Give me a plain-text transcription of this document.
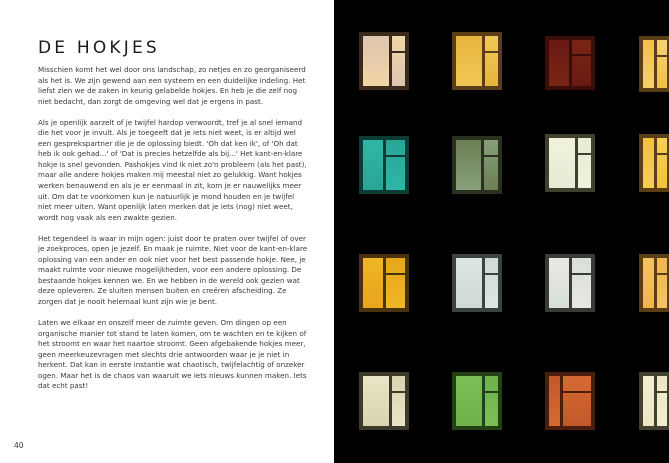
DE HOKJES

Misschien komt het wel door ons landschap, zo netjes en zo georganiseerd als het is. We zijn gewend aan een systeem en een duidelijke indeling. Het liefst zien we de zaken in keurig gelabelde hokjes. En heb je die zelf nog niet bedacht, dan zorgt de omgeving wel dat je ergens in past.

Als je openlijk aarzelt of je twijfel hardop verwoordt, tref je al snel iemand die het voor je invult. Als je toegeeft dat je iets niet weet, is er altijd wel een gesprekspartner die je de oplossing biedt. 'Oh dat ken ik', of 'Oh dat heb ik ook gehad...' of 'Dat is precies hetzelfde als bij...' Het kant-en-klare hokje is snel gevonden. Pashokjes vind ik niet zo'n probleem (als het past), maar alle andere hokjes maken mij meestal niet zo gelukkig. Want hokjes werken benauwend en als je er eenmaal in zit, kom je er nauwelijks meer uit. Om dat te voorkomen kun je natuurlijk je mond houden en je twijfel niet meer uiten. Want openlijk laten merken dat je iets (nog) niet weet, wordt nog vaak als een zwakte gezien.

Het tegendeel is waar in mijn ogen: juist door te praten over twijfel of over je zoekproces, open je jezelf. En maak je ruimte. Niet voor de kant-en-klare oplossing van een ander en ook niet voor het best passende hokje. Nee, je maakt ruimte voor nieuwe mogelijkheden, voor een andere oplossing. De bestaande hokjes kennen we. En we hebben in de wereld ook gezien wat deze opleveren. Ze sluiten mensen buiten en creëren afscheiding. Ze zorgen dat je nooit helemaal kunt zijn wie je bent.

Laten we elkaar en onszelf meer de ruimte geven. Om dingen op een organische manier tot stand te laten komen, om te wachten en te kijken of het stroomt en waar het naartoe stroomt. Geen afgebakende hokjes meer, geen meerkeuzevragen met slechts drie antwoorden waar je je niet in herkent. Dat kan in eerste instantie wat chaotisch, twijfelachtig of onzeker ogen. Maar het is de chaos van waaruit we iets nieuws kunnen maken. Iets dat echt past!

40
